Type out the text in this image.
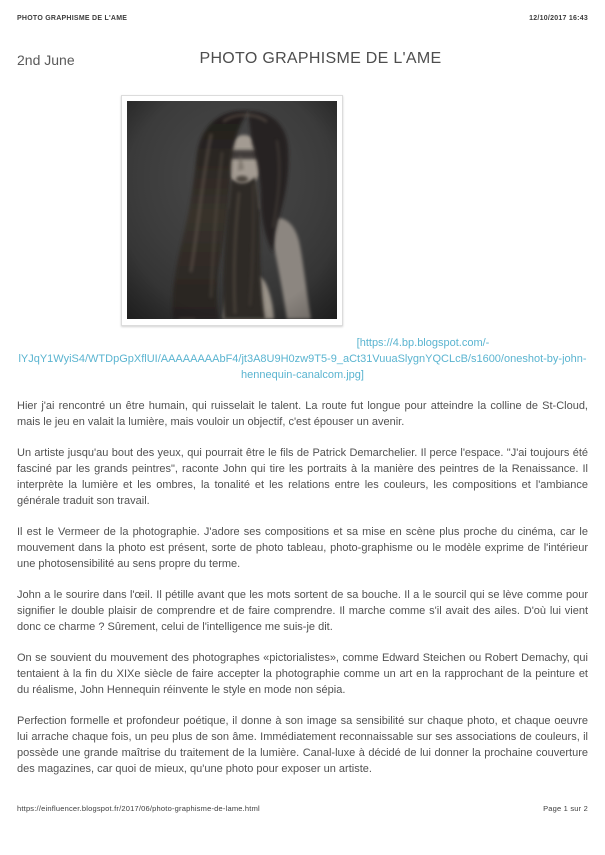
PHOTO GRAPHISME DE L'AME	12/10/2017 16:43
2nd June	PHOTO GRAPHISME DE L'AME
[https://4.bp.blogspot.com/-
lYJqY1WyiS4/WTDpGpXflUI/AAAAAAAAbF4/jt3A8U9H0zw9T5-9_aCt31VuuaSlygnYQCLcB/s1600/oneshot-by-john-
hennequin-canalcom.jpg]

Hier j'ai rencontré un être humain, qui ruisselait le talent. La route fut longue pour atteindre la colline de St-Cloud, mais le jeu en valait la lumière, mais vouloir un objectif, c'est épouser un avenir.

Un artiste jusqu'au bout des yeux, qui pourrait être le fils de Patrick Demarchelier. Il perce l'espace. "J'ai toujours été fasciné par les grands peintres", raconte John qui tire les portraits à la manière des peintres de la Renaissance. Il interprète la lumière et les ombres, la tonalité et les relations entre les couleurs, les compositions et l'ambiance générale traduit son travail.

Il est le Vermeer de la photographie. J'adore ses compositions et sa mise en scène plus proche du cinéma, car le mouvement dans la photo est présent, sorte de photo tableau, photo-graphisme ou le modèle exprime de l'intérieur une photosensibilité au sens propre du terme.

John a le sourire dans l'œil. Il pétille avant que les mots sortent de sa bouche. Il a le sourcil qui se lève comme pour signifier le double plaisir de comprendre et de faire comprendre. Il marche comme s'il avait des ailes. D'où lui vient donc ce charme ? Sûrement, celui de l'intelligence me suis-je dit.

On se souvient du mouvement des photographes «pictorialistes», comme Edward Steichen ou Robert Demachy, qui tentaient à la fin du XIXe siècle de faire accepter la photographie comme un art en la rapprochant de la peinture et du réalisme, John Hennequin réinvente le style en mode non sépia.

Perfection formelle et profondeur poétique, il donne à son image sa sensibilité sur chaque photo, et chaque oeuvre lui arrache chaque fois, un peu plus de son âme. Immédiatement reconnaissable sur ses associations de couleurs, il possède une grande maîtrise du traitement de la lumière. Canal-luxe à décidé de lui donner la prochaine couverture des magazines, car quoi de mieux, qu'une photo pour exposer un artiste.

https://einfluencer.blogspot.fr/2017/06/photo-graphisme-de-lame.html	Page 1 sur 2
